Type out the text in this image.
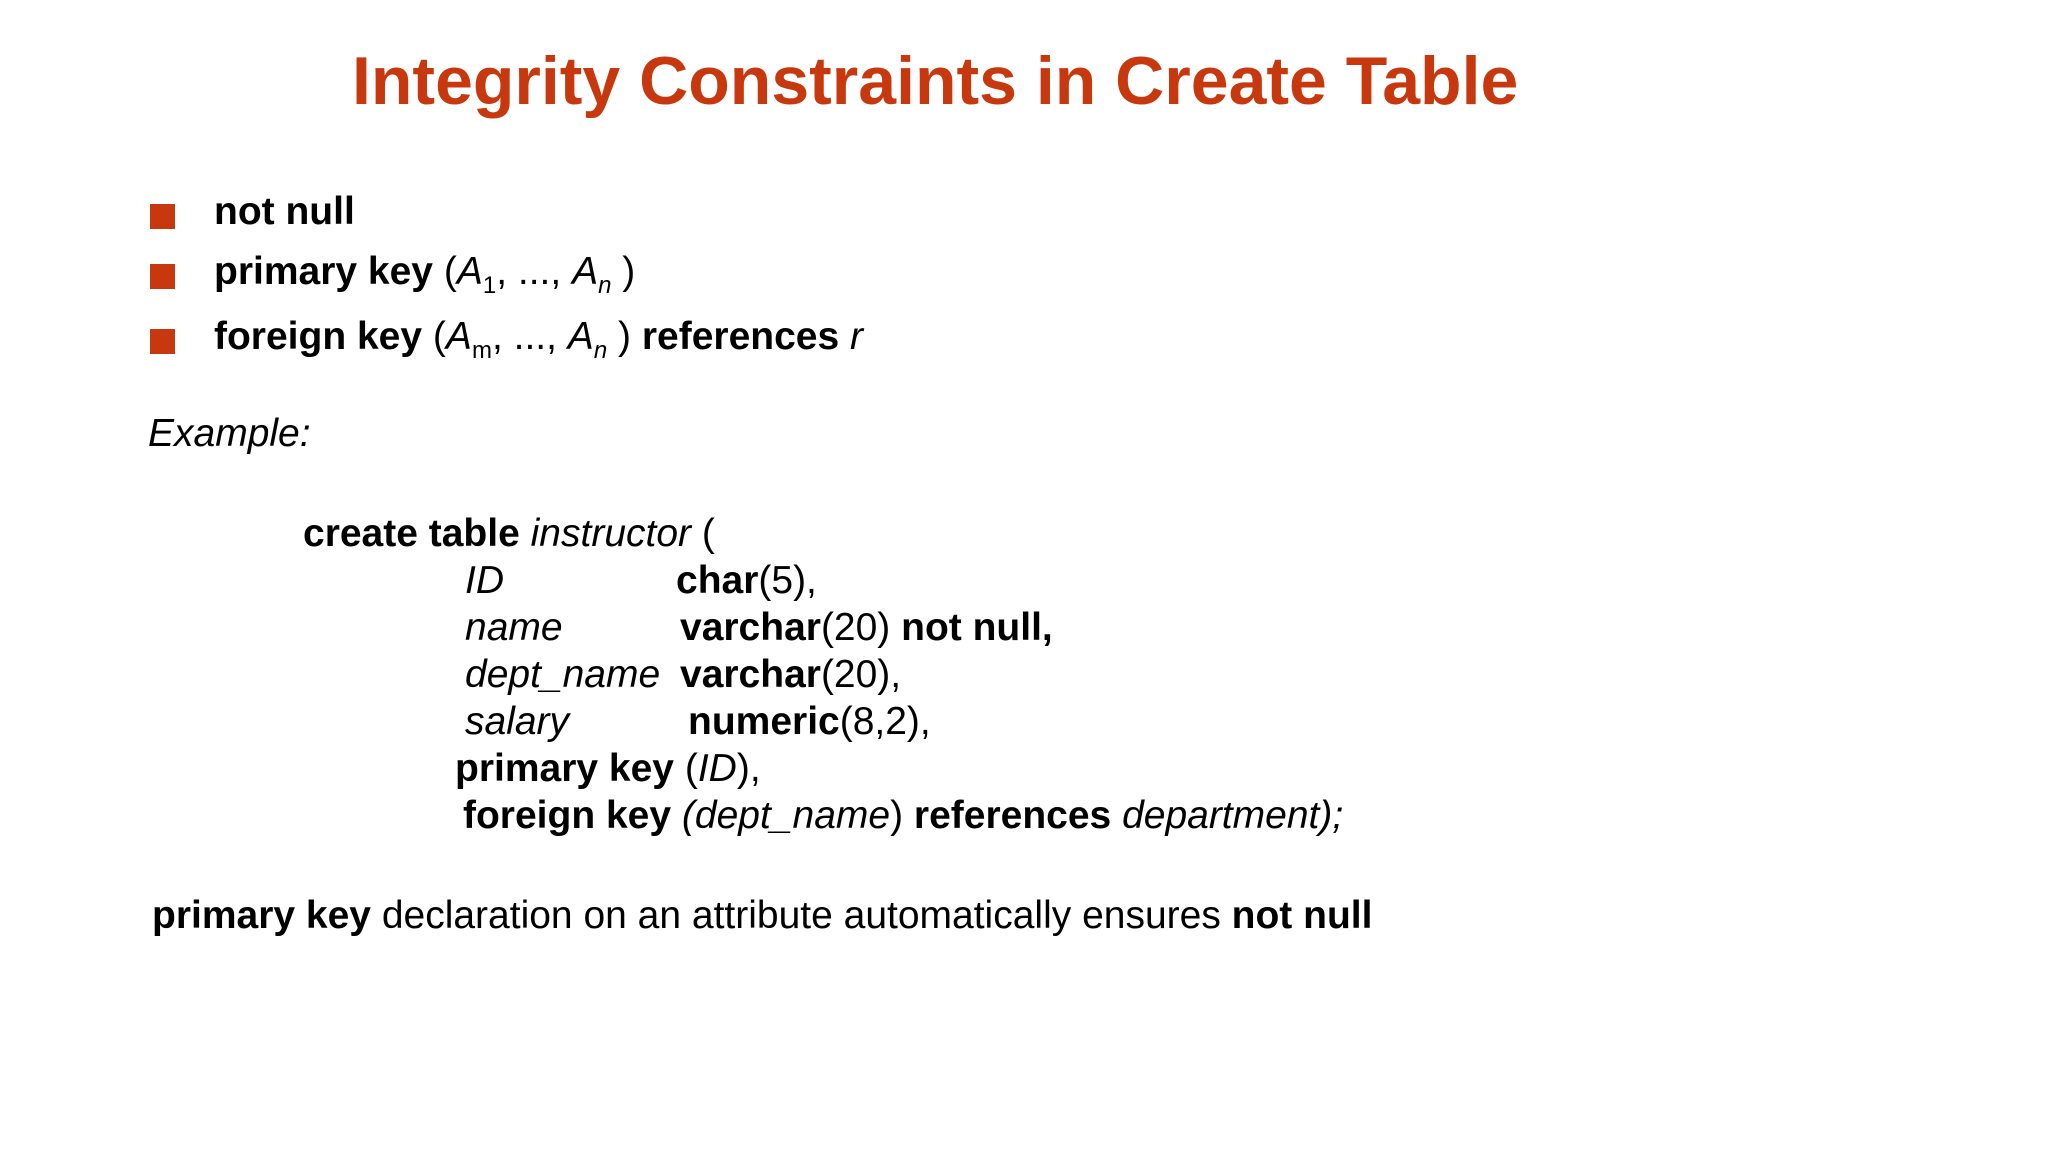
Integrity Constraints in Create Table
not null
primary key ($A_1$, ..., $A_n$ )
foreign key ($A_m$, ..., $A_n$ ) references r
Example:
create table instructor (
ID	char(5),
name	varchar(20) not null,
dept_name varchar(20),
salary	numeric(8,2),
primary key (ID),
foreign key (dept_name) references department);
primary key declaration on an attribute automatically ensures not null
